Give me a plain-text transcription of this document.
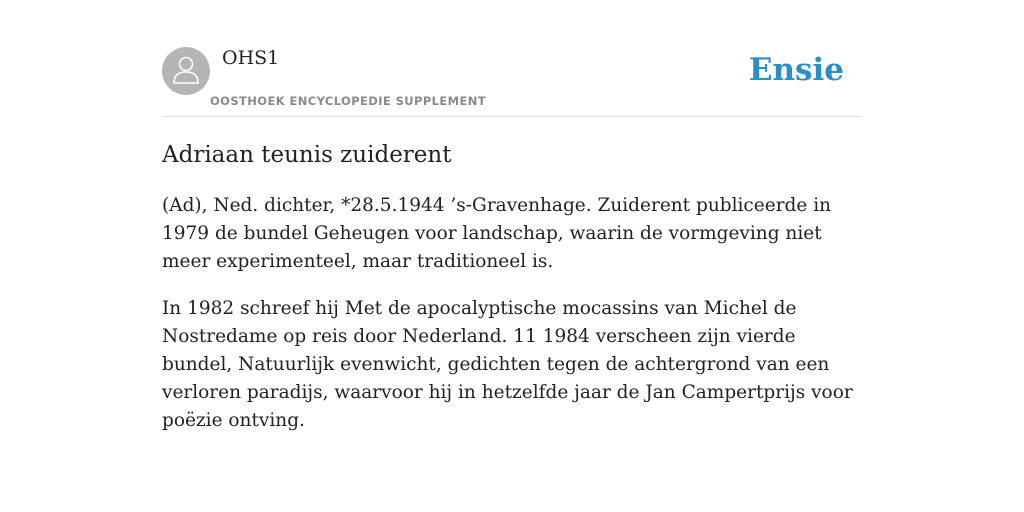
OHS1
OOSTHOEK ENCYCLOPEDIE SUPPLEMENT
Ensie
Adriaan teunis zuiderent

(Ad), Ned. dichter, *28.5.1944 ’s-Gravenhage. Zuiderent publiceerde in 1979 de bundel Geheugen voor landschap, waarin de vormgeving niet meer experimenteel, maar traditioneel is.

In 1982 schreef hij Met de apocalyptische mocassins van Michel de Nostredame op reis door Nederland. 11 1984 verscheen zijn vierde bundel, Natuurlijk evenwicht, gedichten tegen de achtergrond van een verloren paradijs, waarvoor hij in hetzelfde jaar de Jan Campertprijs voor poëzie ontving.
